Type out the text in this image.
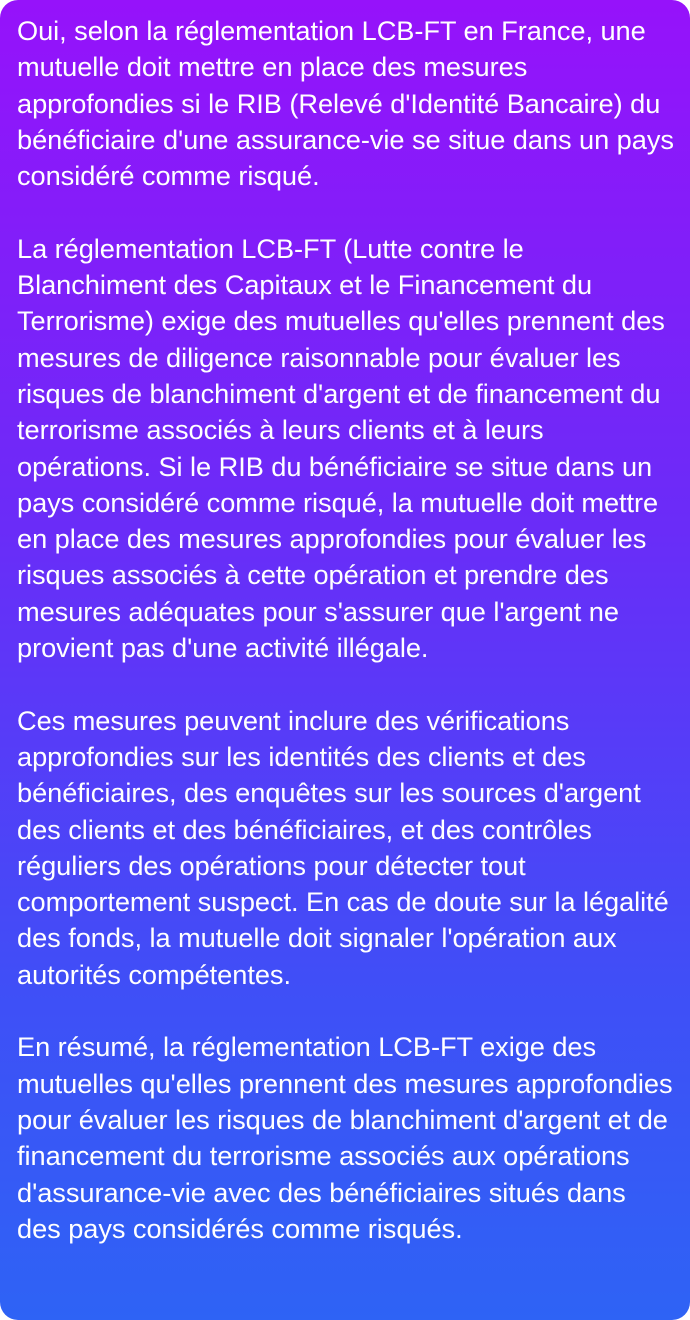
Oui, selon la réglementation LCB-FT en France, une mutuelle doit mettre en place des mesures approfondies si le RIB (Relevé d'Identité Bancaire) du bénéficiaire d'une assurance-vie se situe dans un pays considéré comme risqué.

La réglementation LCB-FT (Lutte contre le Blanchiment des Capitaux et le Financement du Terrorisme) exige des mutuelles qu'elles prennent des mesures de diligence raisonnable pour évaluer les risques de blanchiment d'argent et de financement du terrorisme associés à leurs clients et à leurs opérations. Si le RIB du bénéficiaire se situe dans un pays considéré comme risqué, la mutuelle doit mettre en place des mesures approfondies pour évaluer les risques associés à cette opération et prendre des mesures adéquates pour s'assurer que l'argent ne provient pas d'une activité illégale.

Ces mesures peuvent inclure des vérifications approfondies sur les identités des clients et des bénéficiaires, des enquêtes sur les sources d'argent des clients et des bénéficiaires, et des contrôles réguliers des opérations pour détecter tout comportement suspect. En cas de doute sur la légalité des fonds, la mutuelle doit signaler l'opération aux autorités compétentes.

En résumé, la réglementation LCB-FT exige des mutuelles qu'elles prennent des mesures approfondies pour évaluer les risques de blanchiment d'argent et de financement du terrorisme associés aux opérations d'assurance-vie avec des bénéficiaires situés dans des pays considérés comme risqués.
